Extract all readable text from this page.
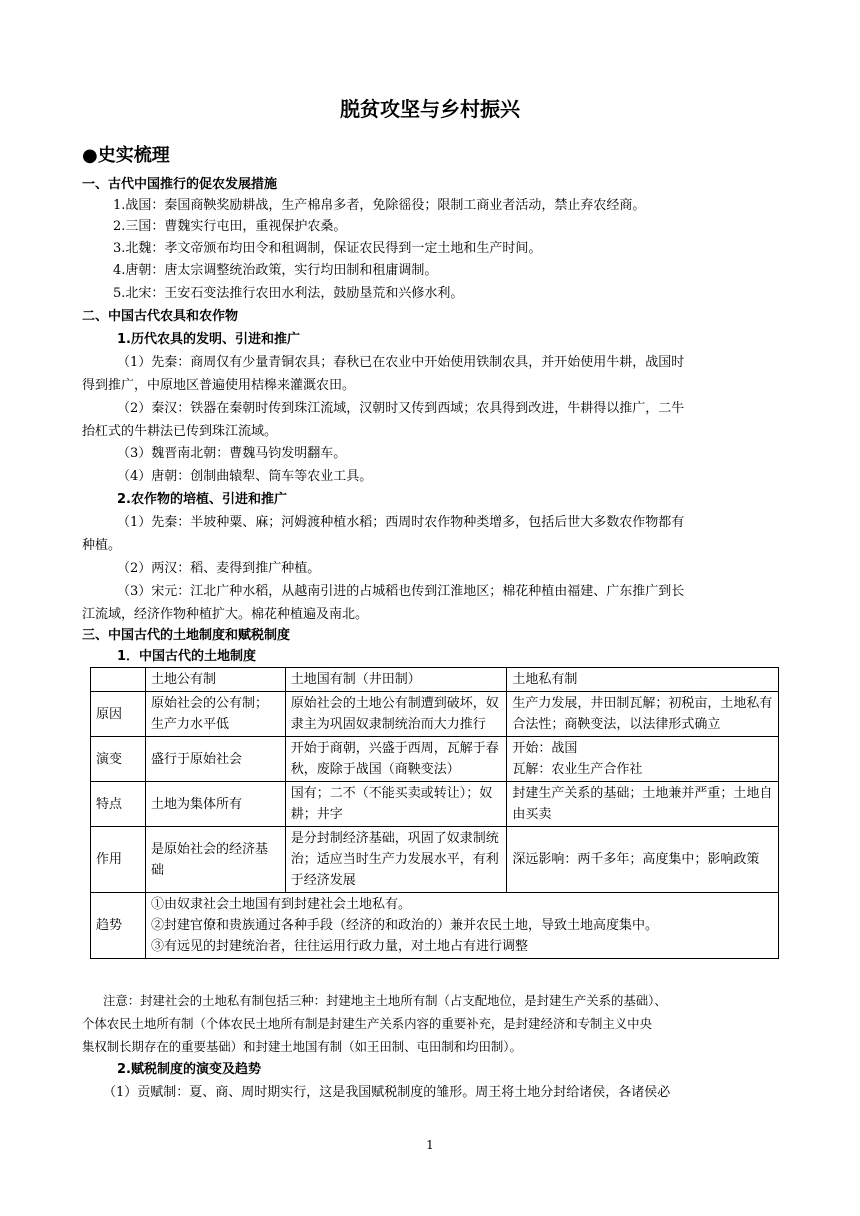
脱贫攻坚与乡村振兴
●史实梳理
一、古代中国推行的促农发展措施
1.战国：秦国商鞅奖励耕战，生产棉帛多者，免除徭役；限制工商业者活动，禁止弃农经商。
2.三国：曹魏实行屯田，重视保护农桑。
3.北魏：孝文帝颁布均田令和租调制，保证农民得到一定土地和生产时间。
4.唐朝：唐太宗调整统治政策，实行均田制和租庸调制。
5.北宋：王安石变法推行农田水利法，鼓励垦荒和兴修水利。
二、中国古代农具和农作物
1.历代农具的发明、引进和推广
（1）先秦：商周仅有少量青铜农具；春秋已在农业中开始使用铁制农具，并开始使用牛耕，战国时
得到推广，中原地区普遍使用桔槔来灌溉农田。
（2）秦汉：铁器在秦朝时传到珠江流域，汉朝时又传到西域；农具得到改进，牛耕得以推广，二牛
抬杠式的牛耕法已传到珠江流域。
（3）魏晋南北朝：曹魏马钧发明翻车。
（4）唐朝：创制曲辕犁、筒车等农业工具。
2.农作物的培植、引进和推广
（1）先秦：半坡种粟、麻；河姆渡种植水稻；西周时农作物种类增多，包括后世大多数农作物都有
种植。
（2）两汉：稻、麦得到推广种植。
（3）宋元：江北广种水稻，从越南引进的占城稻也传到江淮地区；棉花种植由福建、广东推广到长
江流域，经济作物种植扩大。棉花种植遍及南北。
三、中国古代的土地制度和赋税制度
1．中国古代的土地制度
	土地公有制	土地国有制（井田制）	土地私有制
原因	原始社会的公有制；生产力水平低	原始社会的土地公有制遭到破坏，奴隶主为巩固奴隶制统治而大力推行	生产力发展，井田制瓦解；初税亩，土地私有合法性；商鞅变法，以法律形式确立
演变	盛行于原始社会	开始于商朝，兴盛于西周，瓦解于春秋，废除于战国（商鞅变法）	开始：战国
瓦解：农业生产合作社
特点	土地为集体所有	国有；二不（不能买卖或转让）；奴耕；井字	封建生产关系的基础；土地兼并严重；土地自由买卖
作用	是原始社会的经济基础	是分封制经济基础，巩固了奴隶制统治；适应当时生产力发展水平，有利于经济发展	深远影响：两千多年；高度集中；影响政策
趋势	①由奴隶社会土地国有到封建社会土地私有。
②封建官僚和贵族通过各种手段（经济的和政治的）兼并农民土地，导致土地高度集中。
③有远见的封建统治者，往往运用行政力量，对土地占有进行调整		
注意：封建社会的土地私有制包括三种：封建地主土地所有制（占支配地位，是封建生产关系的基础）、
个体农民土地所有制（个体农民土地所有制是封建生产关系内容的重要补充，是封建经济和专制主义中央
集权制长期存在的重要基础）和封建土地国有制（如王田制、屯田制和均田制）。
2.赋税制度的演变及趋势
（1）贡赋制：夏、商、周时期实行，这是我国赋税制度的雏形。周王将土地分封给诸侯，各诸侯必
1
